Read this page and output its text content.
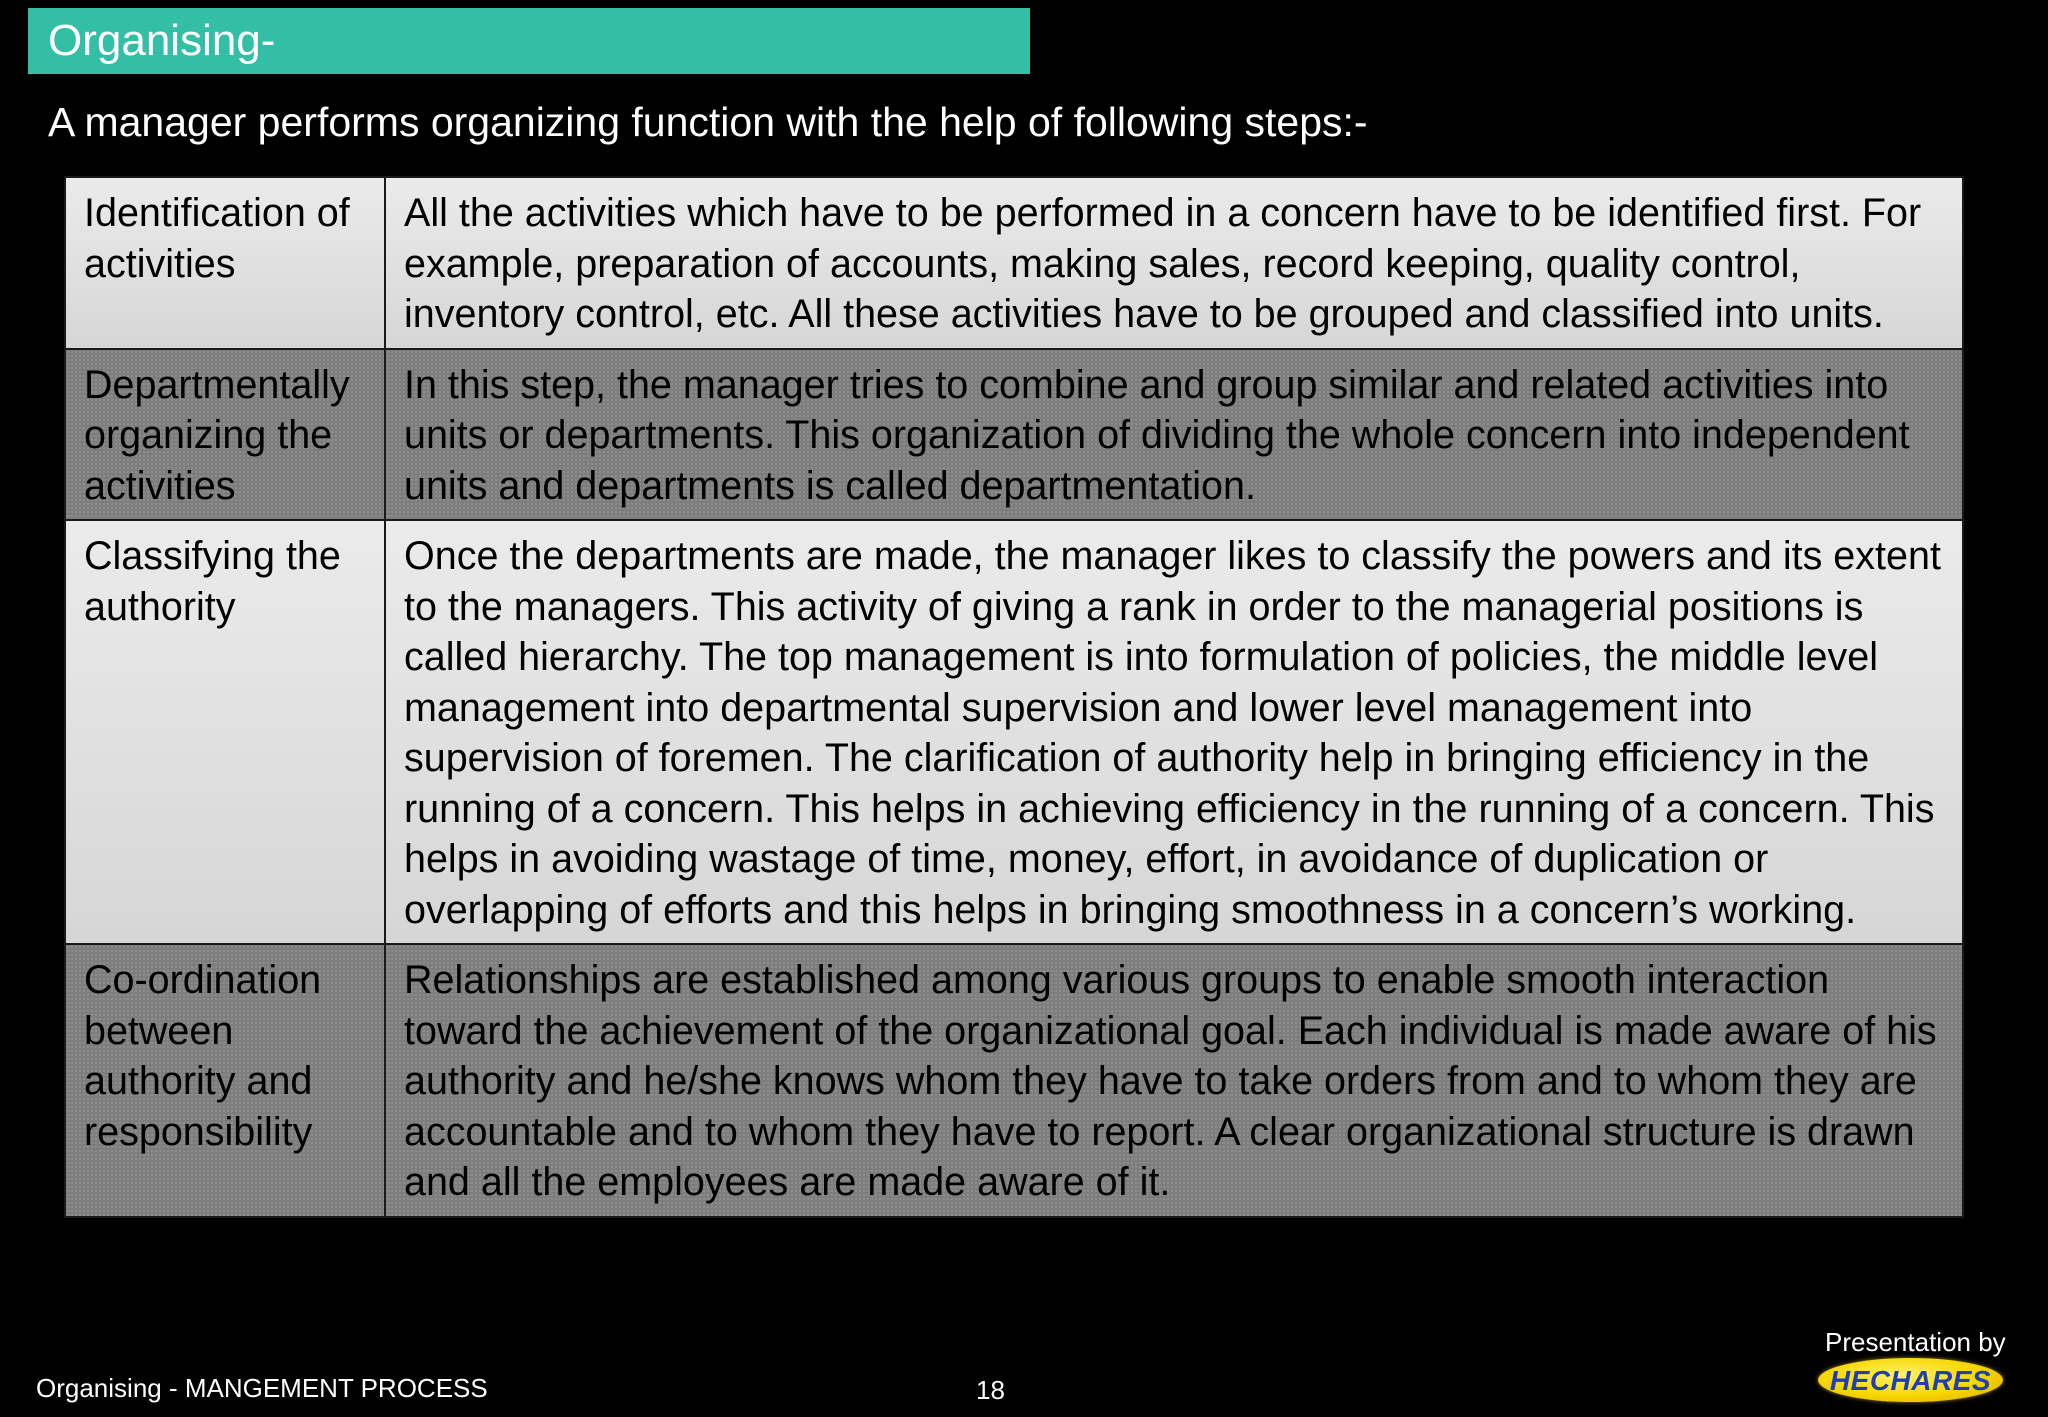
Organising-
A manager performs organizing function with the help of following steps:-
Identification of activities	All the activities which have to be performed in a concern have to be identified first. For example, preparation of accounts, making sales, record keeping, quality control, inventory control, etc. All these activities have to be grouped and classified into units.
Departmentally organizing the activities	In this step, the manager tries to combine and group similar and related activities into units or departments. This organization of dividing the whole concern into independent units and departments is called departmentation.
Classifying the authority	Once the departments are made, the manager likes to classify the powers and its extent to the managers. This activity of giving a rank in order to the managerial positions is called hierarchy. The top management is into formulation of policies, the middle level management into departmental supervision and lower level management into supervision of foremen. The clarification of authority help in bringing efficiency in the running of a concern. This helps in achieving efficiency in the running of a concern. This helps in avoiding wastage of time, money, effort, in avoidance of duplication or overlapping of efforts and this helps in bringing smoothness in a concern’s working.
Co-ordination between authority and responsibility	Relationships are established among various groups to enable smooth interaction toward the achievement of the organizational goal. Each individual is made aware of his authority and he/she knows whom they have to take orders from and to whom they are accountable and to whom they have to report. A clear organizational structure is drawn and all the employees are made aware of it.
Organising - MANGEMENT PROCESS	18
Presentation by
HECHARES
